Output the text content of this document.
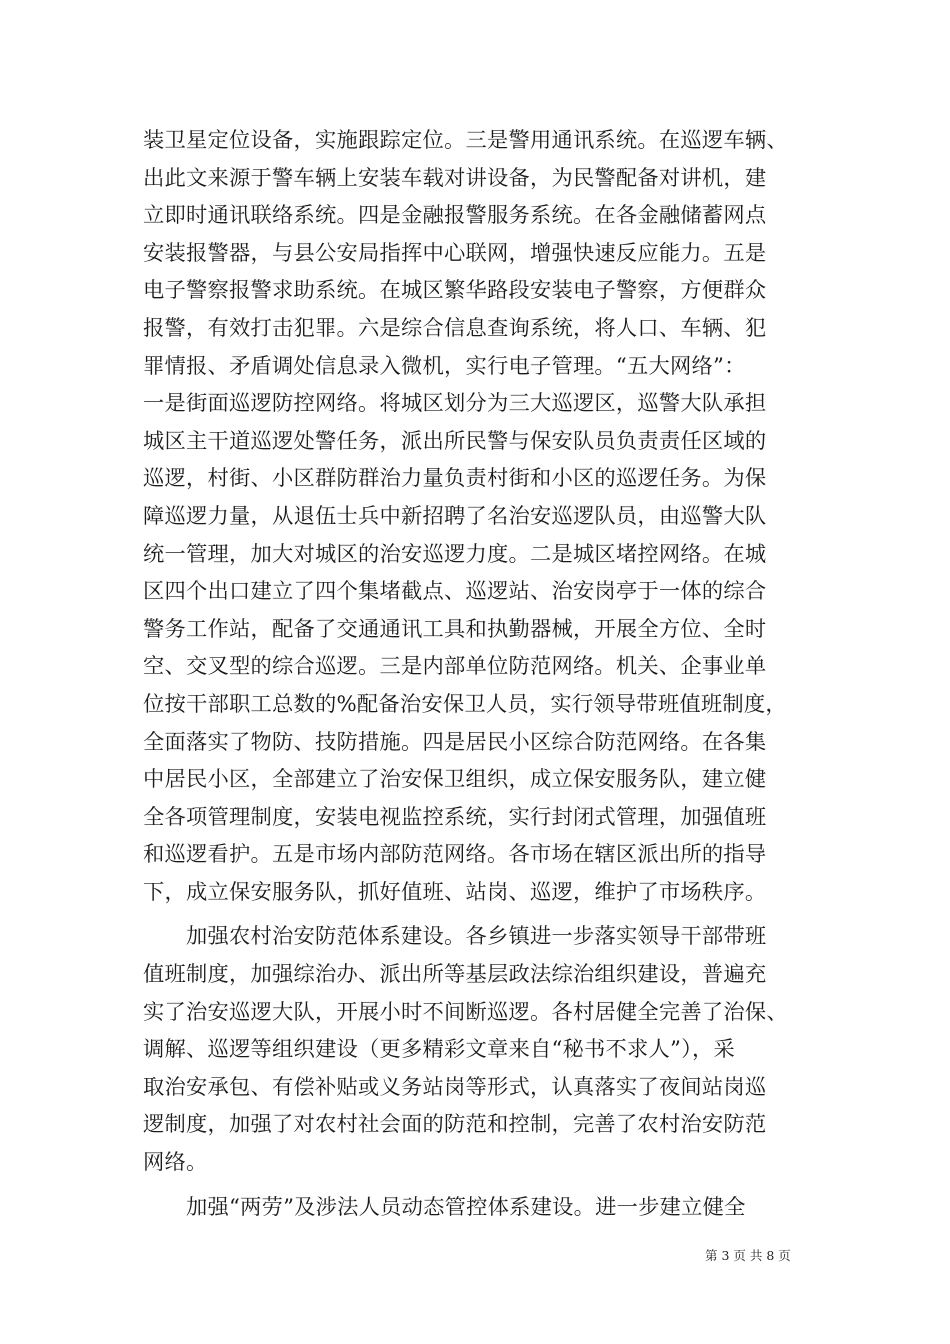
装卫星定位设备，实施跟踪定位。三是警用通讯系统。在巡逻车辆、
出此文来源于警车辆上安装车载对讲设备，为民警配备对讲机，建
立即时通讯联络系统。四是金融报警服务系统。在各金融储蓄网点
安装报警器，与县公安局指挥中心联网，增强快速反应能力。五是
电子警察报警求助系统。在城区繁华路段安装电子警察，方便群众
报警，有效打击犯罪。六是综合信息查询系统，将人口、车辆、犯
罪情报、矛盾调处信息录入微机，实行电子管理。“五大网络”：
一是街面巡逻防控网络。将城区划分为三大巡逻区，巡警大队承担
城区主干道巡逻处警任务，派出所民警与保安队员负责责任区域的
巡逻，村街、小区群防群治力量负责村街和小区的巡逻任务。为保
障巡逻力量，从退伍士兵中新招聘了名治安巡逻队员，由巡警大队
统一管理，加大对城区的治安巡逻力度。二是城区堵控网络。在城
区四个出口建立了四个集堵截点、巡逻站、治安岗亭于一体的综合
警务工作站，配备了交通通讯工具和执勤器械，开展全方位、全时
空、交叉型的综合巡逻。三是内部单位防范网络。机关、企事业单
位按干部职工总数的%配备治安保卫人员，实行领导带班值班制度，
全面落实了物防、技防措施。四是居民小区综合防范网络。在各集
中居民小区，全部建立了治安保卫组织，成立保安服务队，建立健
全各项管理制度，安装电视监控系统，实行封闭式管理，加强值班
和巡逻看护。五是市场内部防范网络。各市场在辖区派出所的指导
下，成立保安服务队，抓好值班、站岗、巡逻，维护了市场秩序。
加强农村治安防范体系建设。各乡镇进一步落实领导干部带班
值班制度，加强综治办、派出所等基层政法综治组织建设，普遍充
实了治安巡逻大队，开展小时不间断巡逻。各村居健全完善了治保、
调解、巡逻等组织建设（更多精彩文章来自“秘书不求人”），采
取治安承包、有偿补贴或义务站岗等形式，认真落实了夜间站岗巡
逻制度，加强了对农村社会面的防范和控制，完善了农村治安防范
网络。
加强“两劳”及涉法人员动态管控体系建设。进一步建立健全
第 3 页 共 8 页
